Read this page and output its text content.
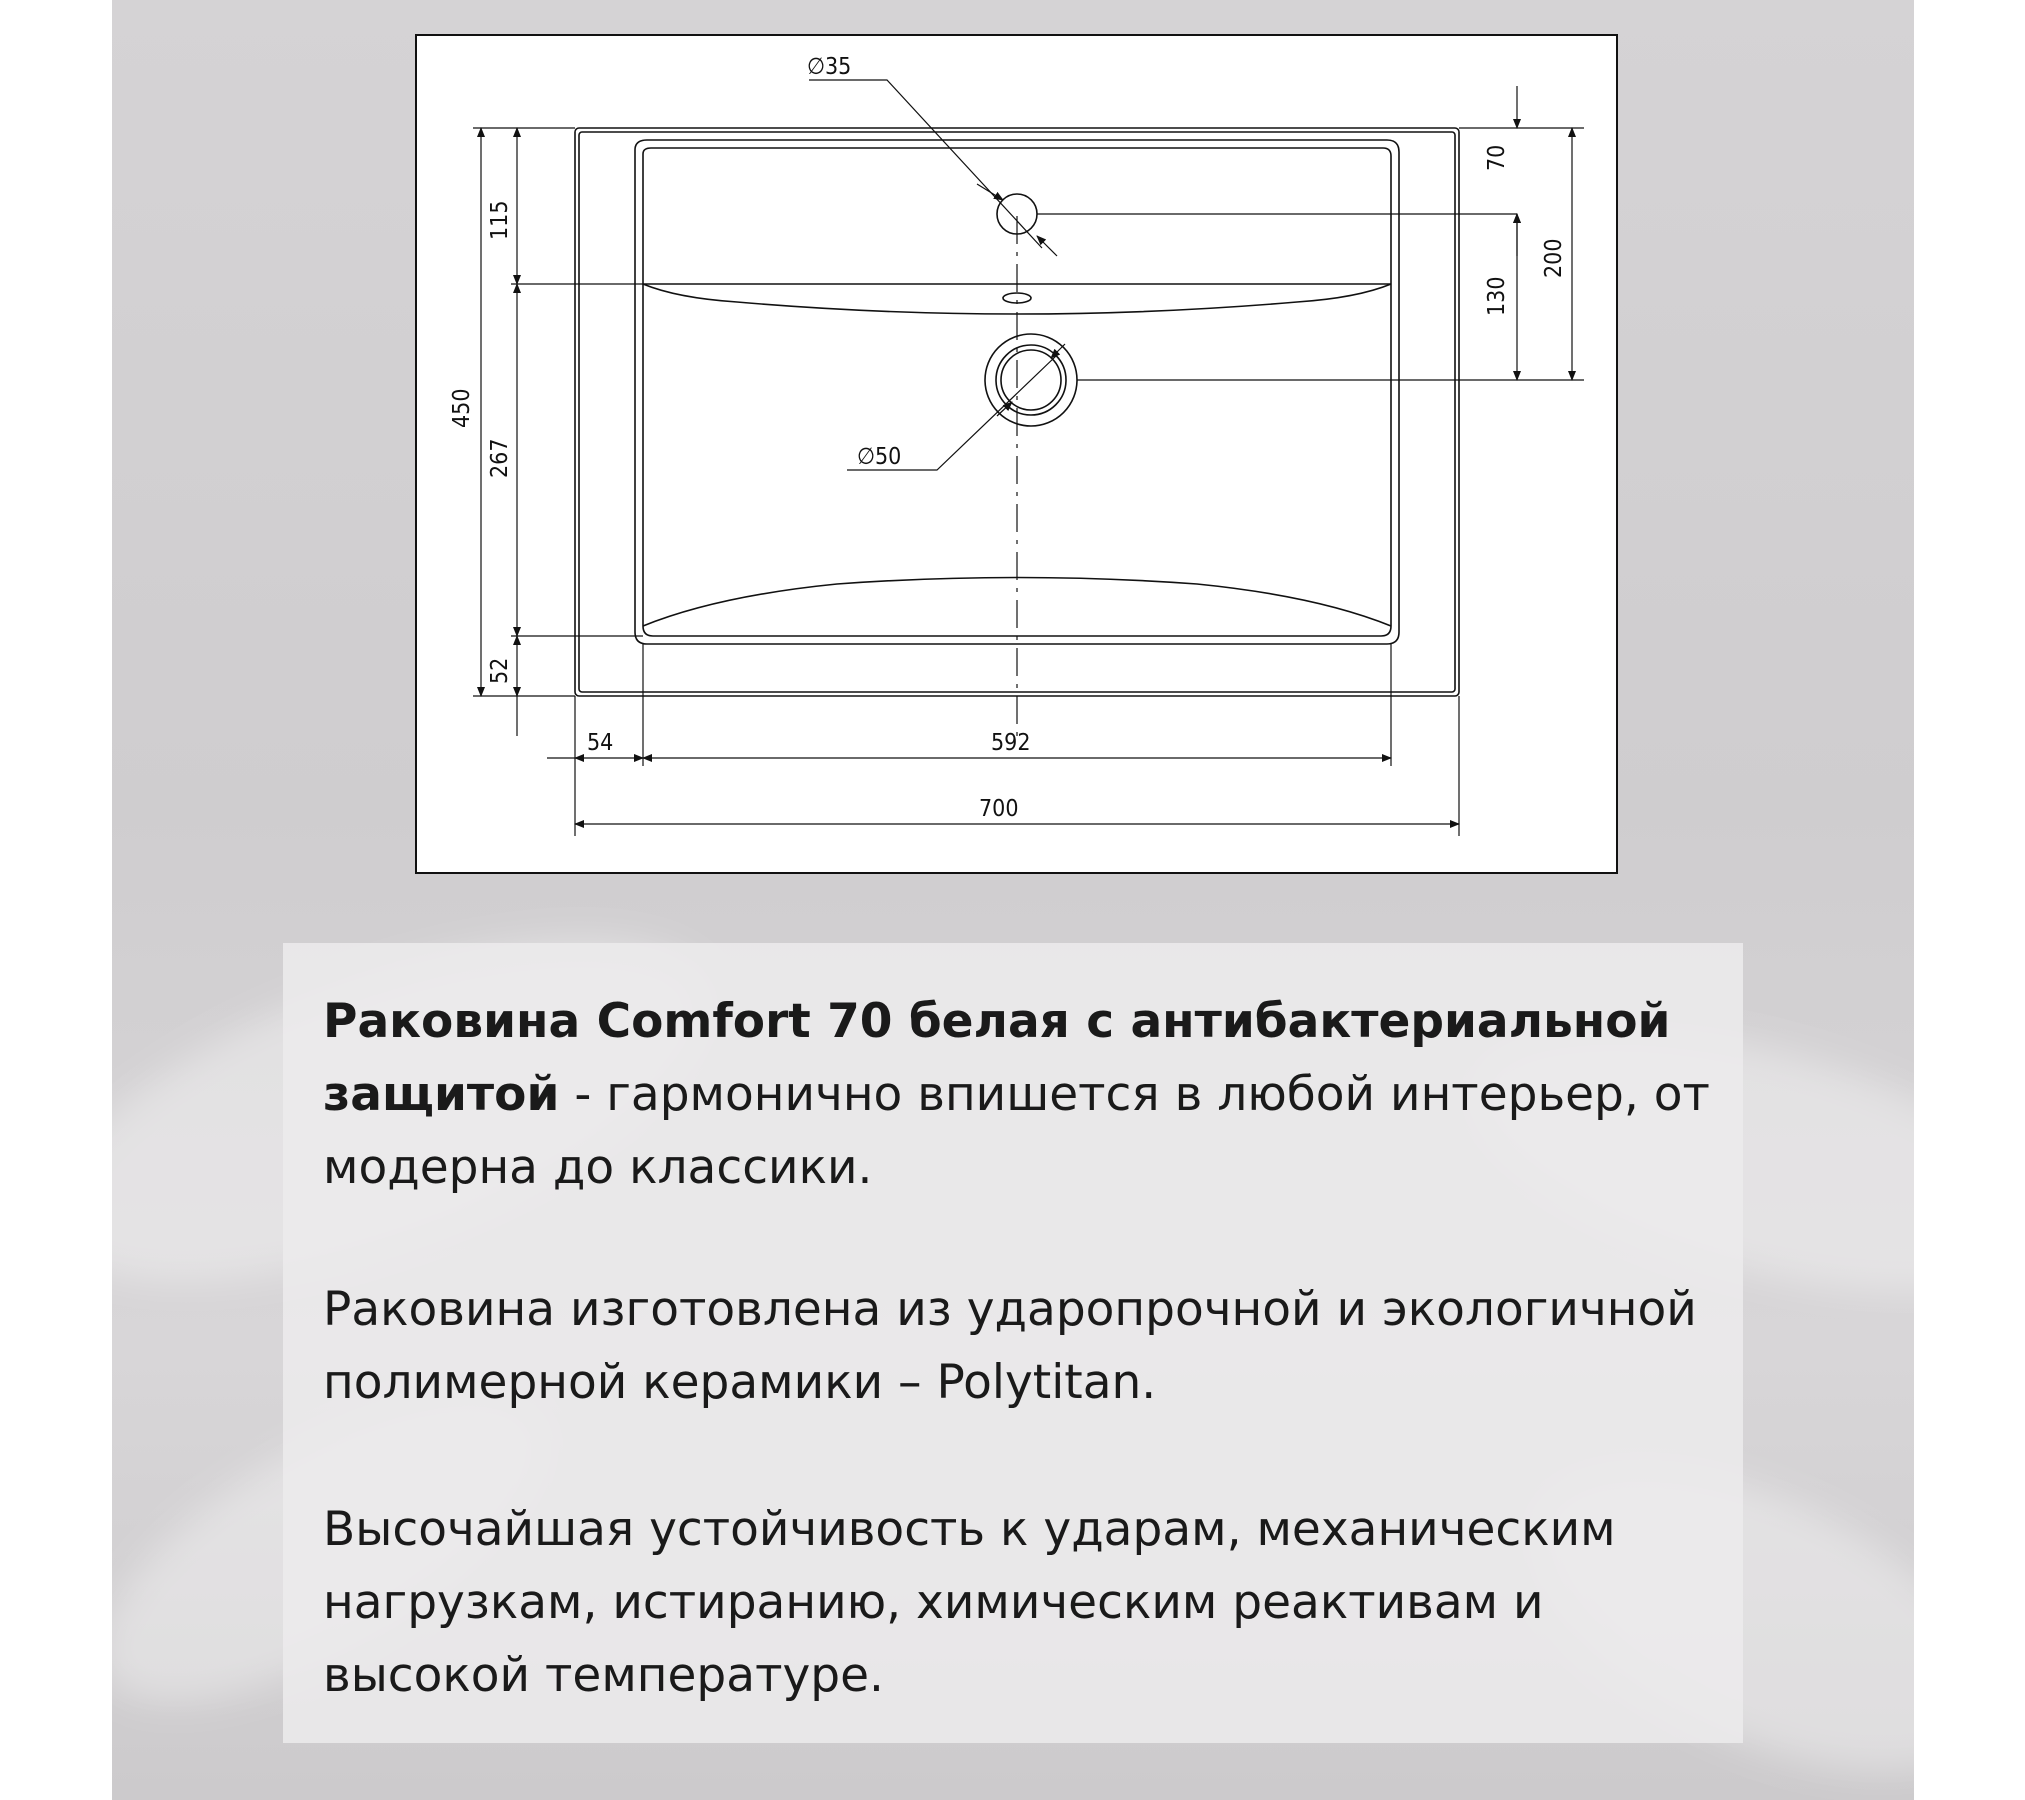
∅35
∅50
70
130
200
450
115
267
52
54	592
700

Раковина Comfort 70 белая с антибактериальной защитой - гармонично впишется в любой интерьер, от модерна до классики.

Раковина изготовлена из ударопрочной и экологичной полимерной керамики – Polytitan.

Высочайшая устойчивость к ударам, механическим нагрузкам, истиранию, химическим реактивам и высокой температуре.
